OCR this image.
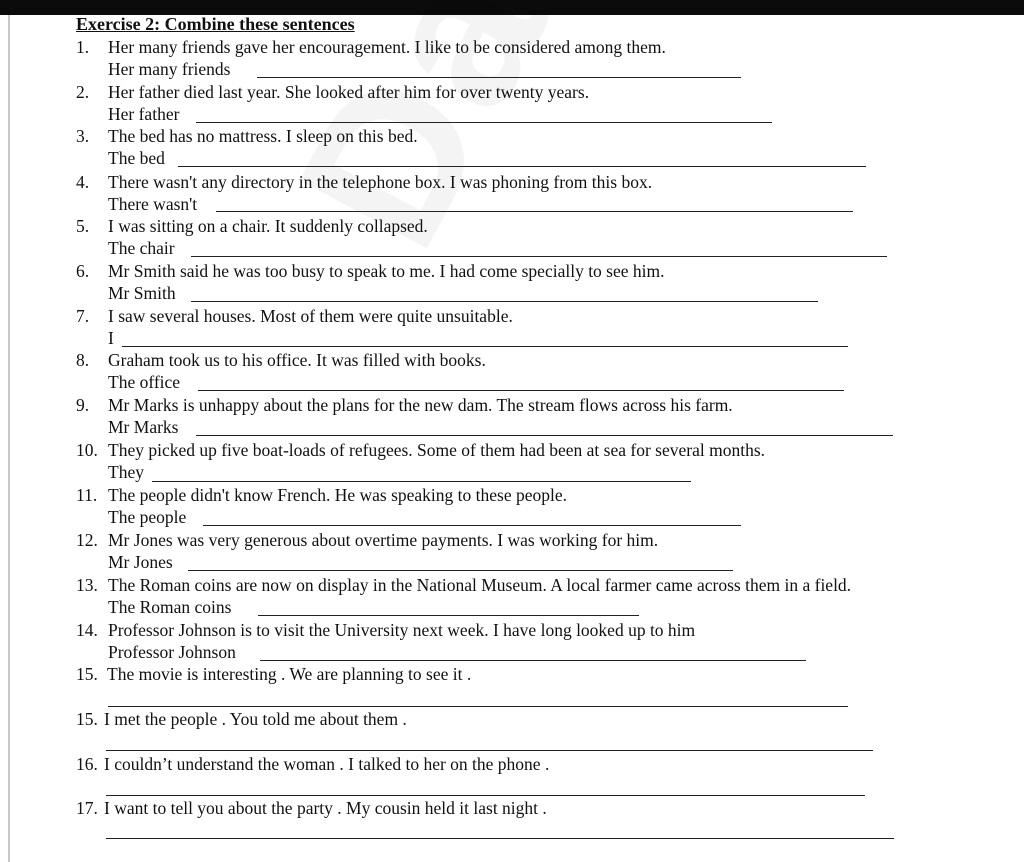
Exercise 2: Combine these sentences
1. Her many friends gave her encouragement. I like to be considered among them.
Her many friends
2. Her father died last year. She looked after him for over twenty years.
Her father
3. The bed has no mattress. I sleep on this bed.
The bed
4. There wasn't any directory in the telephone box. I was phoning from this box.
There wasn't
5. I was sitting on a chair. It suddenly collapsed.
The chair
6. Mr Smith said he was too busy to speak to me. I had come specially to see him.
Mr Smith
7. I saw several houses. Most of them were quite unsuitable.
I
8. Graham took us to his office. It was filled with books.
The office
9. Mr Marks is unhappy about the plans for the new dam. The stream flows across his farm.
Mr Marks
10. They picked up five boat-loads of refugees. Some of them had been at sea for several months.
They
11. The people didn't know French. He was speaking to these people.
The people
12. Mr Jones was very generous about overtime payments. I was working for him.
Mr Jones
13. The Roman coins are now on display in the National Museum. A local farmer came across them in a field.
The Roman coins
14. Professor Johnson is to visit the University next week. I have long looked up to him
Professor Johnson
15. The movie is interesting . We are planning to see it .
15. I met the people . You told me about them .
16. I couldn’t understand the woman . I talked to her on the phone .
17. I want to tell you about the party . My cousin held it last night .
